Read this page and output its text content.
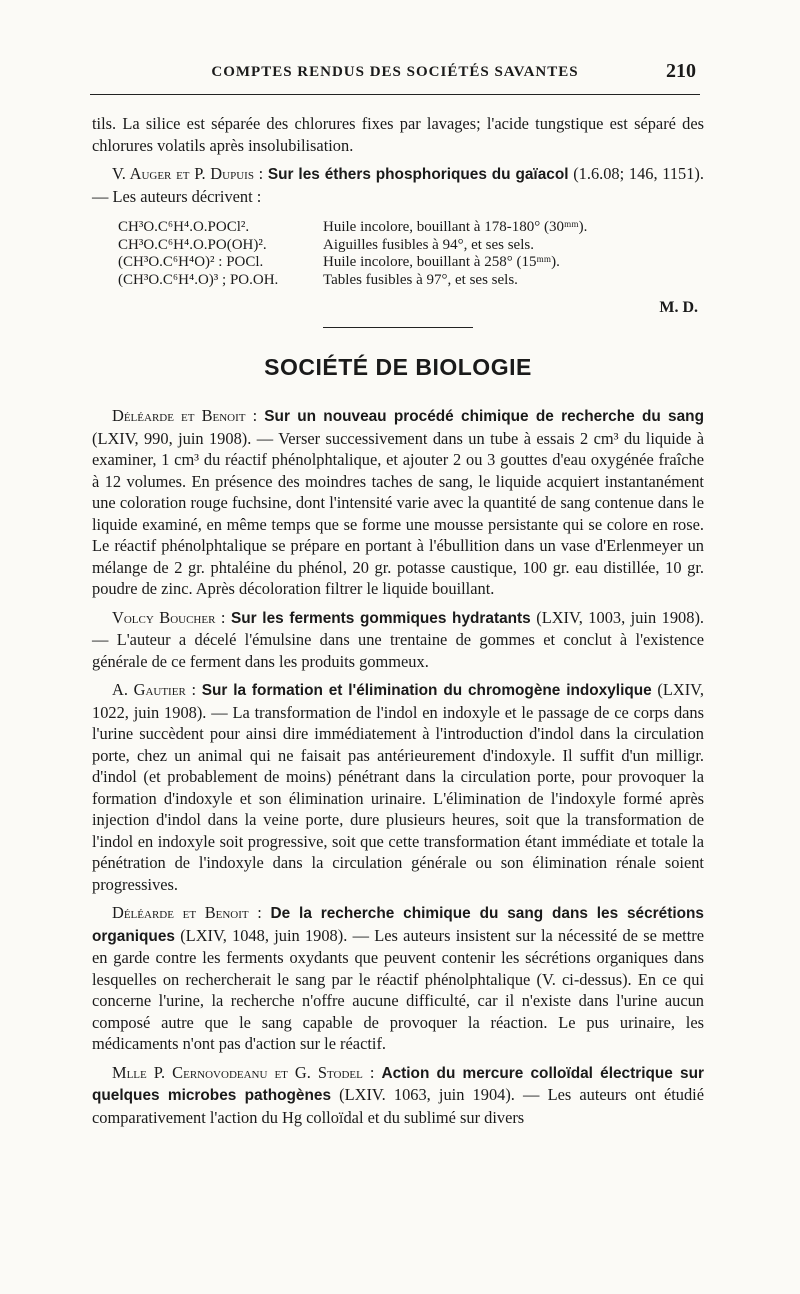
COMPTES RENDUS DES SOCIÉTÉS SAVANTES	210

tils. La silice est séparée des chlorures fixes par lavages; l'acide tungstique est séparé des chlorures volatils après insolubilisation.

V. Auger et P. Dupuis : Sur les éthers phosphoriques du gaïacol (1.6.08; 146, 1151). — Les auteurs décrivent :

CH³O.C⁶H⁴.O.POCl².	Huile incolore, bouillant à 178-180° (30ᵐᵐ).
CH³O.C⁶H⁴.O.PO(OH)².	Aiguilles fusibles à 94°, et ses sels.
(CH³O.C⁶H⁴O)² : POCl.	Huile incolore, bouillant à 258° (15ᵐᵐ).
(CH³O.C⁶H⁴.O)³ ; PO.OH.	Tables fusibles à 97°, et ses sels.
M. D.
SOCIÉTÉ DE BIOLOGIE

Déléarde et Benoit : Sur un nouveau procédé chimique de recherche du sang (LXIV, 990, juin 1908). — Verser successivement dans un tube à essais 2 cm³ du liquide à examiner, 1 cm³ du réactif phénolphtalique, et ajouter 2 ou 3 gouttes d'eau oxygénée fraîche à 12 volumes. En présence des moindres taches de sang, le liquide acquiert instantanément une coloration rouge fuchsine, dont l'intensité varie avec la quantité de sang contenue dans le liquide examiné, en même temps que se forme une mousse persistante qui se colore en rose. Le réactif phénolphtalique se prépare en portant à l'ébullition dans un vase d'Erlenmeyer un mélange de 2 gr. phtaléine du phénol, 20 gr. potasse caustique, 100 gr. eau distillée, 10 gr. poudre de zinc. Après décoloration filtrer le liquide bouillant.

Volcy Boucher : Sur les ferments gommiques hydratants (LXIV, 1003, juin 1908). — L'auteur a décelé l'émulsine dans une trentaine de gommes et conclut à l'existence générale de ce ferment dans les produits gommeux.

A. Gautier : Sur la formation et l'élimination du chromogène indoxylique (LXIV, 1022, juin 1908). — La transformation de l'indol en indoxyle et le passage de ce corps dans l'urine succèdent pour ainsi dire immédiatement à l'introduction d'indol dans la circulation porte, chez un animal qui ne faisait pas antérieurement d'indoxyle. Il suffit d'un milligr. d'indol (et probablement de moins) pénétrant dans la circulation porte, pour provoquer la formation d'indoxyle et son élimination urinaire. L'élimination de l'indoxyle formé après injection d'indol dans la veine porte, dure plusieurs heures, soit que la transformation de l'indol en indoxyle soit progressive, soit que cette transformation étant immédiate et totale la pénétration de l'indoxyle dans la circulation générale ou son élimination rénale soient progressives.

Déléarde et Benoit : De la recherche chimique du sang dans les sécrétions organiques (LXIV, 1048, juin 1908). — Les auteurs insistent sur la nécessité de se mettre en garde contre les ferments oxydants que peuvent contenir les sécrétions organiques dans lesquelles on rechercherait le sang par le réactif phénolphtalique (V. ci-dessus). En ce qui concerne l'urine, la recherche n'offre aucune difficulté, car il n'existe dans l'urine aucun composé autre que le sang capable de provoquer la réaction. Le pus urinaire, les médicaments n'ont pas d'action sur le réactif.

Mlle P. Cernovodeanu et G. Stodel : Action du mercure colloïdal électrique sur quelques microbes pathogènes (LXIV. 1063, juin 1904). — Les auteurs ont étudié comparativement l'action du Hg colloïdal et du sublimé sur divers
